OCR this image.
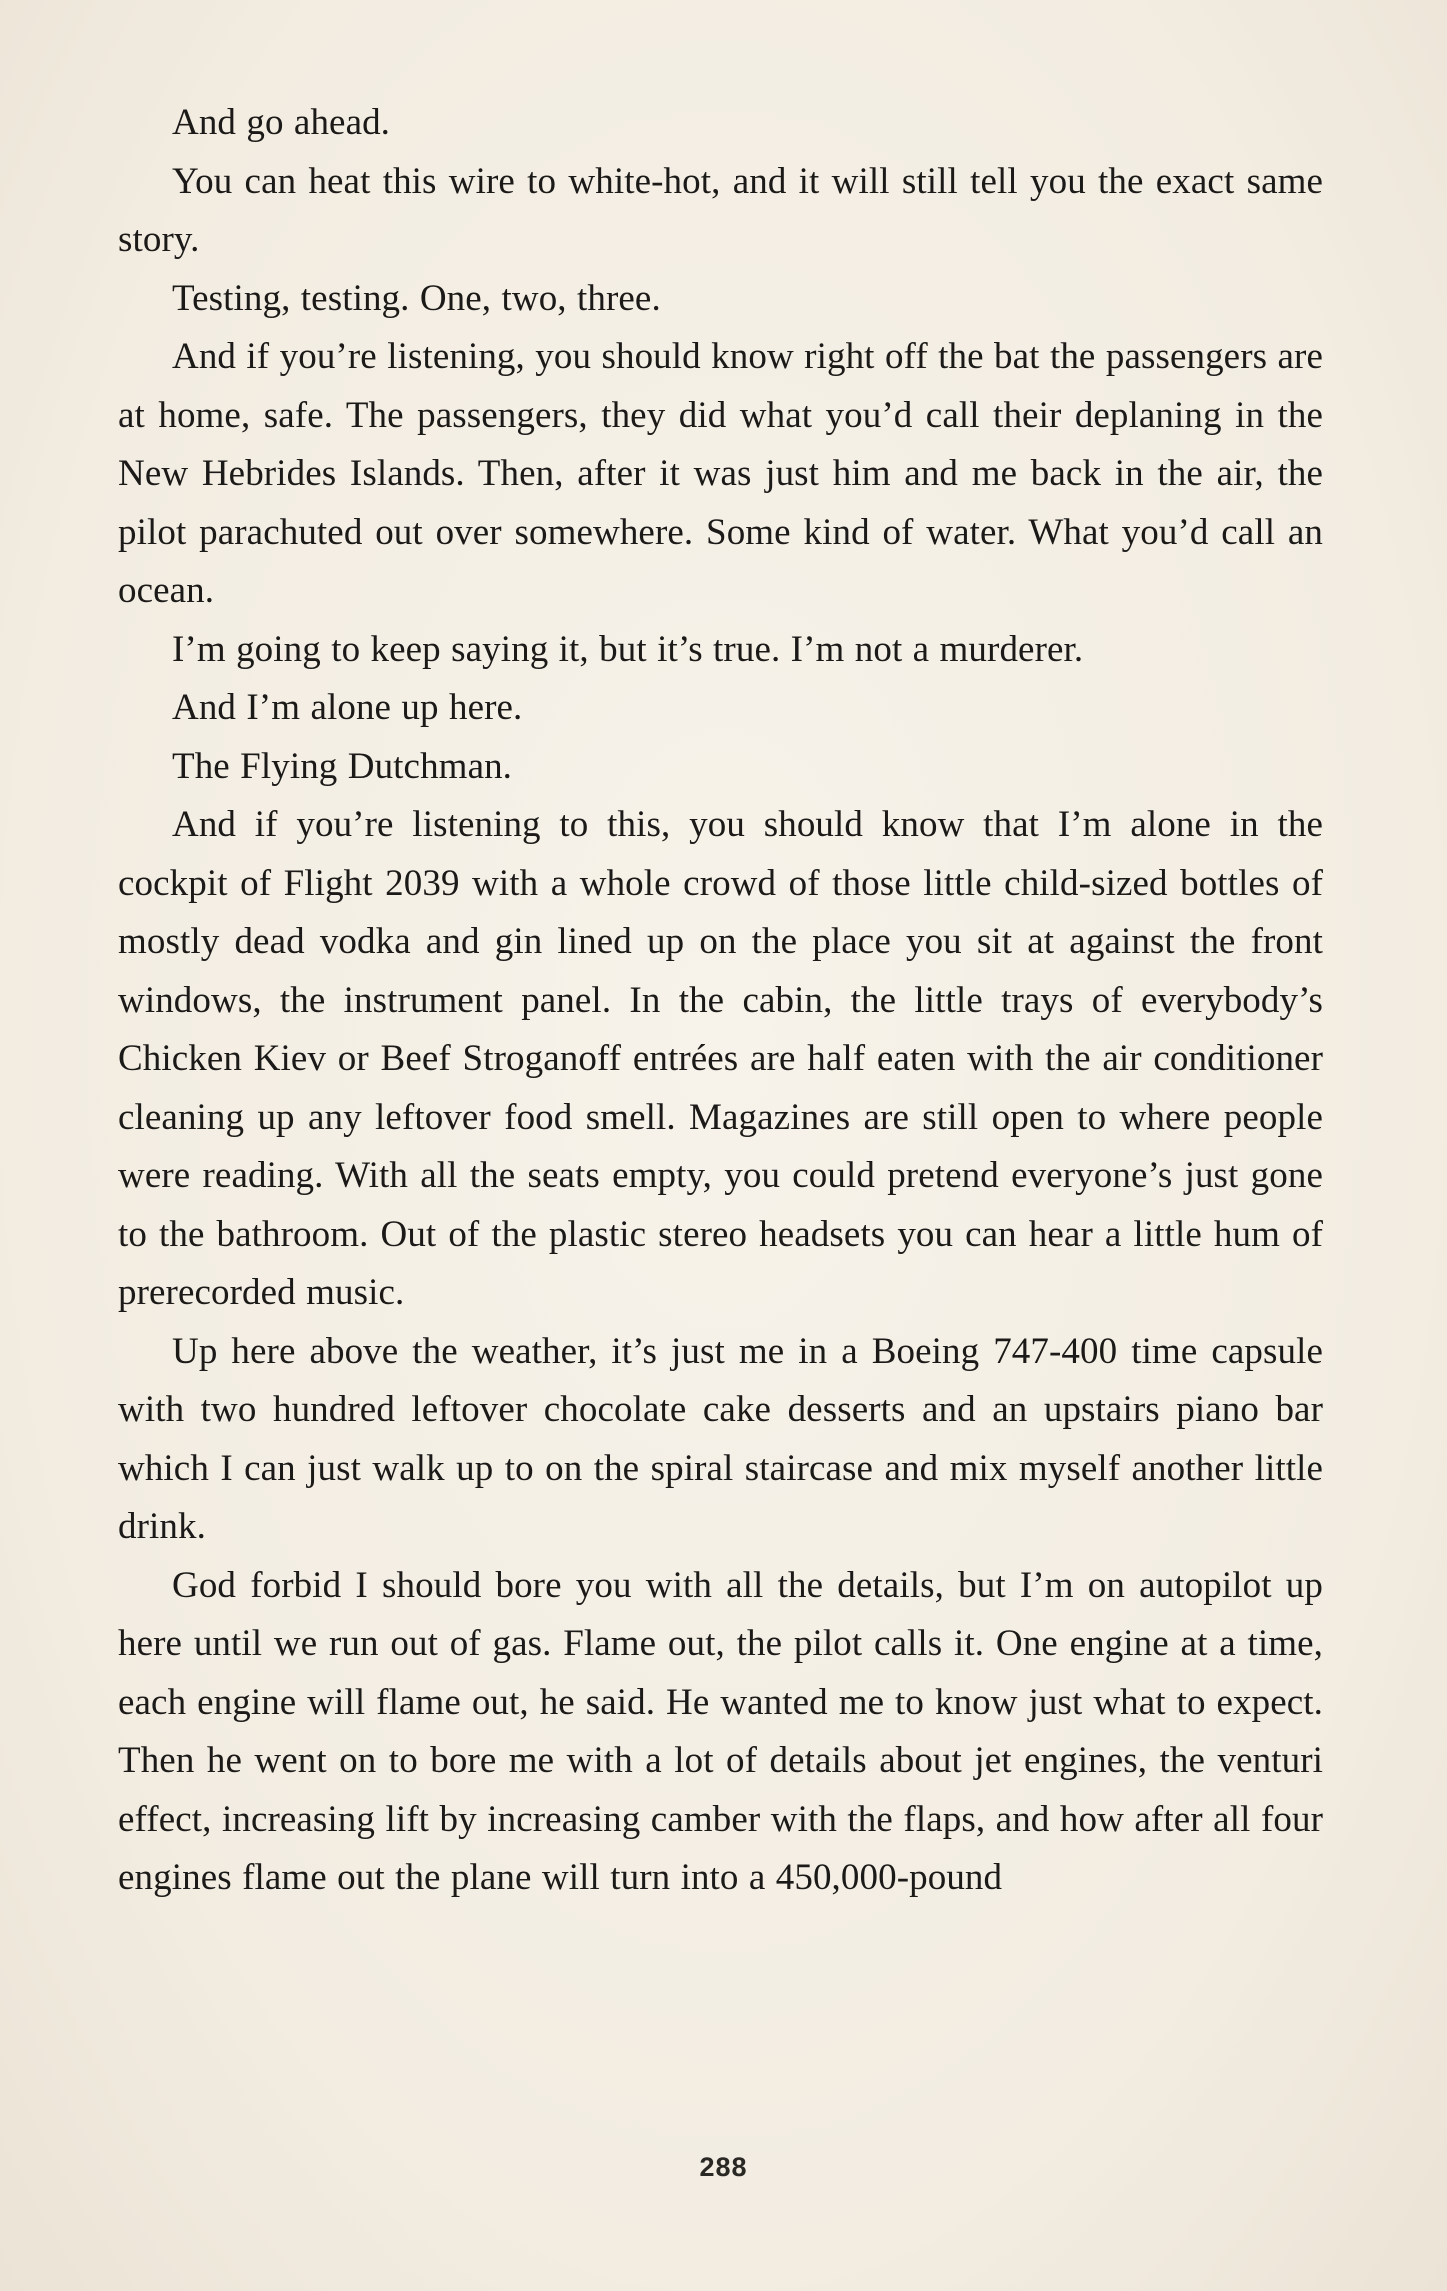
And go ahead.

You can heat this wire to white-hot, and it will still tell you the exact same story.

Testing, testing. One, two, three.

And if you’re listening, you should know right off the bat the passengers are at home, safe. The passengers, they did what you’d call their deplaning in the New Hebrides Islands. Then, after it was just him and me back in the air, the pilot parachuted out over somewhere. Some kind of water. What you’d call an ocean.

I’m going to keep saying it, but it’s true. I’m not a murderer.

And I’m alone up here.

The Flying Dutchman.

And if you’re listening to this, you should know that I’m alone in the cockpit of Flight 2039 with a whole crowd of those little child-sized bottles of mostly dead vodka and gin lined up on the place you sit at against the front windows, the instrument panel. In the cabin, the little trays of everybody’s Chicken Kiev or Beef Stroganoff entrées are half eaten with the air conditioner cleaning up any leftover food smell. Magazines are still open to where people were reading. With all the seats empty, you could pretend everyone’s just gone to the bathroom. Out of the plastic stereo headsets you can hear a little hum of prerecorded music.

Up here above the weather, it’s just me in a Boeing 747-400 time capsule with two hundred leftover chocolate cake desserts and an upstairs piano bar which I can just walk up to on the spiral staircase and mix myself another little drink.

God forbid I should bore you with all the details, but I’m on autopilot up here until we run out of gas. Flame out, the pilot calls it. One engine at a time, each engine will flame out, he said. He wanted me to know just what to expect. Then he went on to bore me with a lot of details about jet engines, the venturi effect, increasing lift by increasing camber with the flaps, and how after all four engines flame out the plane will turn into a 450,000-pound

288
